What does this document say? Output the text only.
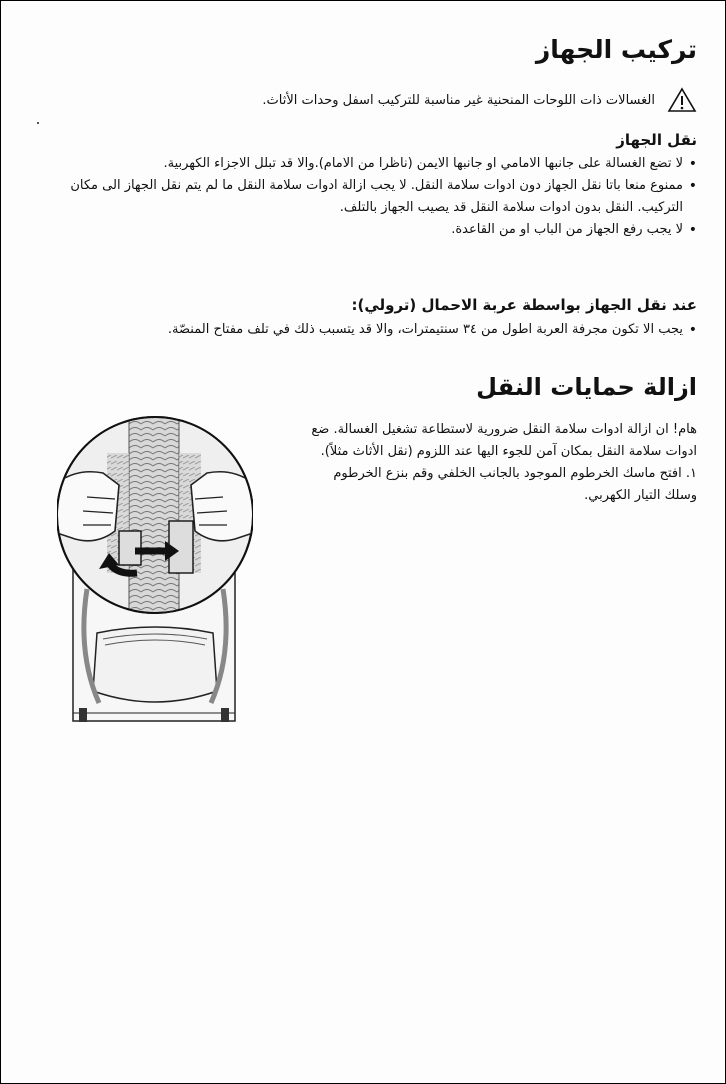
تركيب الجهاز
الغسالات ذات اللوحات المنحنية غير مناسبة للتركيب اسفل وحدات الأثاث.
نقل الجهاز
• لا تضع الغسالة على جانبها الامامي او جانبها الايمن (ناظرا من الامام).والا قد تبلل الاجزاء الكهربية.
• ممنوع منعا باتا نقل الجهاز دون ادوات سلامة النقل. لا يجب ازالة ادوات سلامة النقل ما لم يتم نقل الجهاز الى مكان التركيب. النقل بدون ادوات سلامة النقل قد يصيب الجهاز بالتلف.
• لا يجب رفع الجهاز من الباب او من القاعدة.
عند نقل الجهاز بواسطة عربة الاحمال (ترولي):
• يجب الا تكون مجرفة العربة اطول من ٣٤ سنتيمترات، والا قد يتسبب ذلك في تلف مفتاح المنصّة.
ازالة حمايات النقل
هام! ان ازالة ادوات سلامة النقل ضرورية لاستطاعة تشغيل الغسالة. ضع ادوات سلامة النقل بمكان آمن للجوء اليها عند اللزوم (نقل الأثاث مثلاً).
١. افتح ماسك الخرطوم الموجود بالجانب الخلفي وقم بنزع الخرطوم وسلك التيار الكهربي.
